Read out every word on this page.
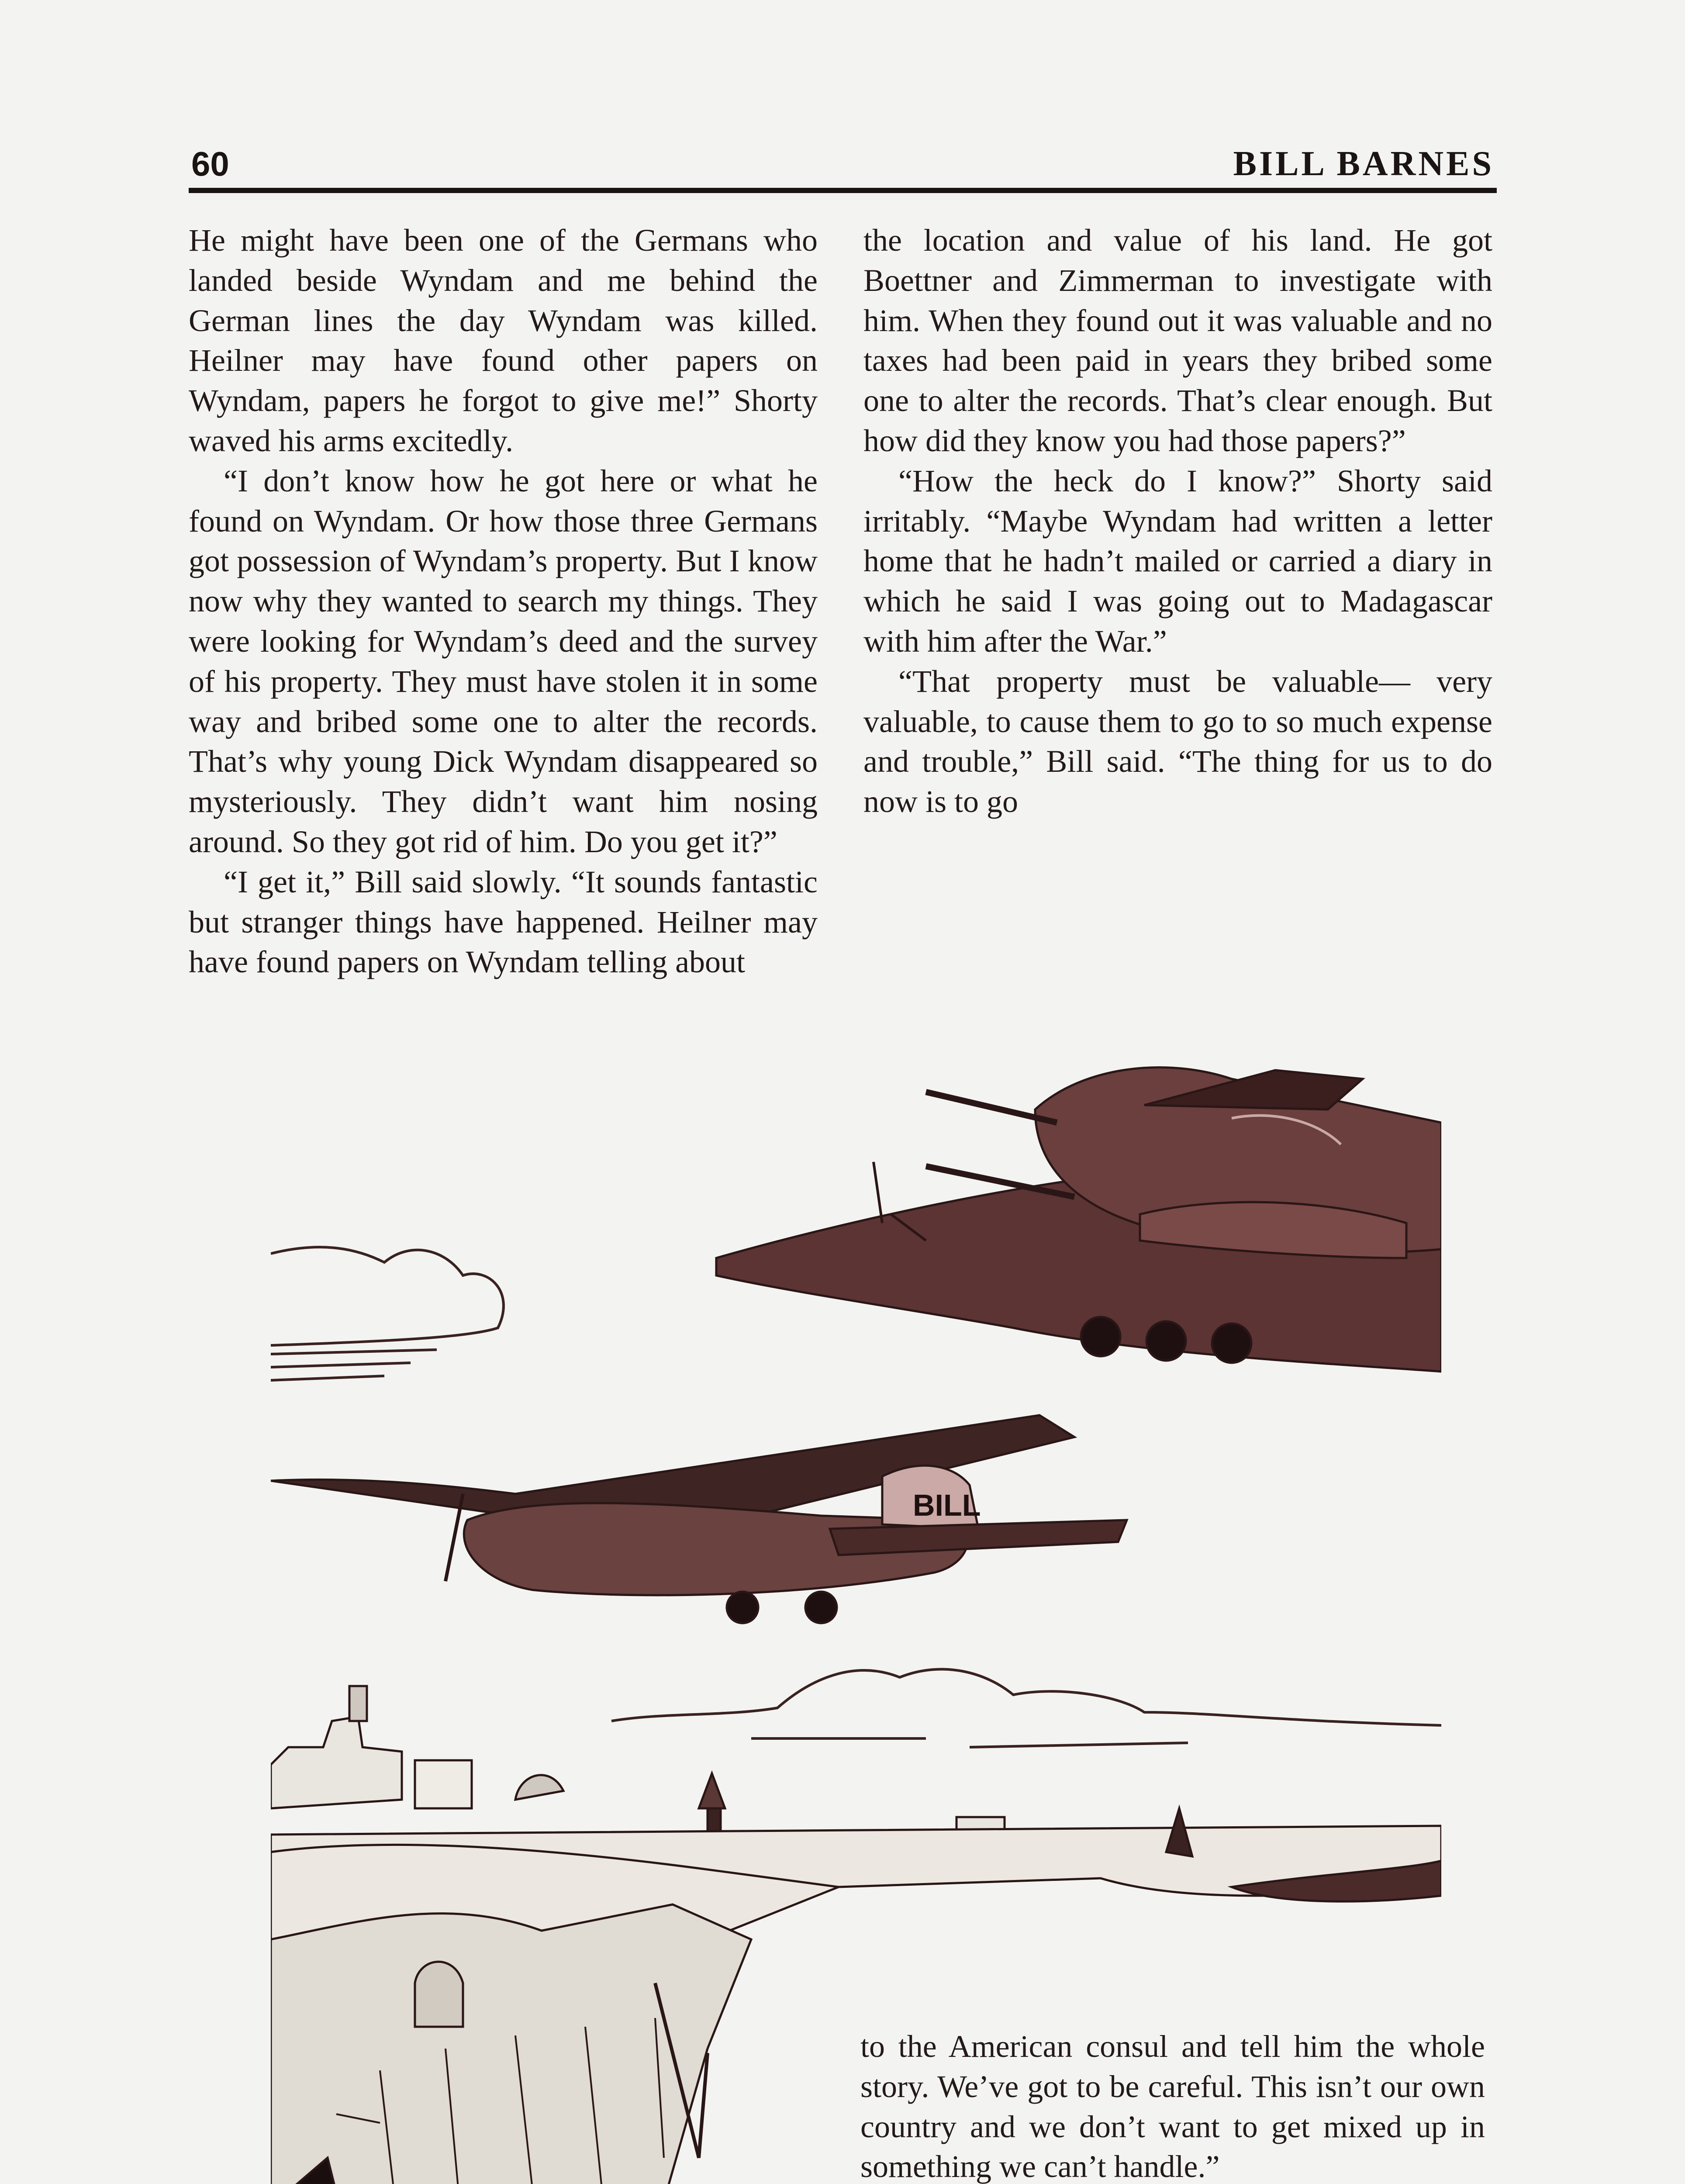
60	BILL BARNES

He might have been one of the Germans who landed beside Wyndam and me behind the German lines the day Wyndam was killed. Heilner may have found other papers on Wyndam, papers he forgot to give me!” Shorty waved his arms excitedly.

“I don’t know how he got here or what he found on Wyndam. Or how those three Germans got possession of Wyndam’s property. But I know now why they wanted to search my things. They were looking for Wyndam’s deed and the survey of his property. They must have stolen it in some way and bribed some one to alter the records. That’s why young Dick Wyndam disappeared so mysteriously. They didn’t want him nosing around. So they got rid of him. Do you get it?”

“I get it,” Bill said slowly. “It sounds fantastic but stranger things have happened. Heilner may have found papers on Wyndam telling about

the location and value of his land. He got Boettner and Zimmerman to investigate with him. When they found out it was valuable and no taxes had been paid in years they bribed some one to alter the records. That’s clear enough. But how did they know you had those papers?”

“How the heck do I know?” Shorty said irritably. “Maybe Wyndam had written a letter home that he hadn’t mailed or carried a diary in which he said I was going out to Madagascar with him after the War.”

“That property must be valuable— very valuable, to cause them to go to so much expense and trouble,” Bill said. “The thing for us to do now is to go

to the American consul and tell him the whole story. We’ve got to be careful. This isn’t our own country and we don’t want to get mixed up in something we can’t handle.”

BILL
